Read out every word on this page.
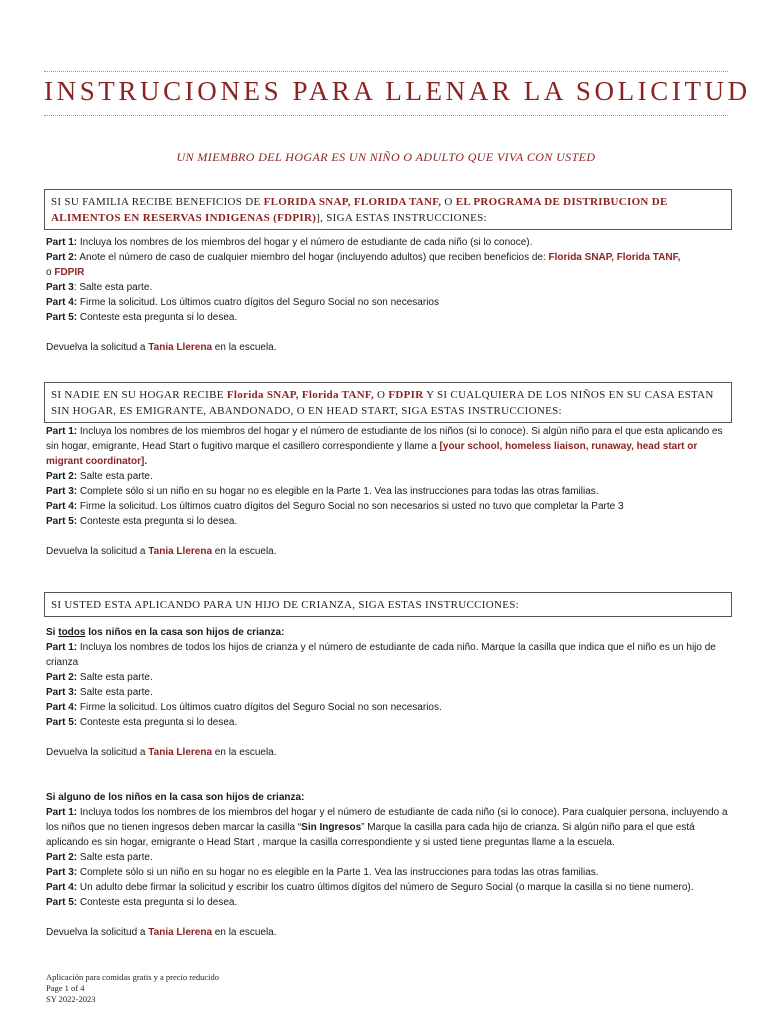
INSTRUCIONES PARA LLENAR LA SOLICITUD
UN MIEMBRO DEL HOGAR ES UN NIÑO O ADULTO QUE VIVA CON USTED
SI SU FAMILIA RECIBE BENEFICIOS DE FLORIDA SNAP, FLORIDA TANF, O EL PROGRAMA DE DISTRIBUCION DE ALIMENTOS EN RESERVAS INDIGENAS (FDPIR)], SIGA ESTAS INSTRUCCIONES:

Part 1: Incluya los nombres de los miembros del hogar y el número de estudiante de cada niño (si lo conoce).

Part 2: Anote el número de caso de cualquier miembro del hogar (incluyendo adultos) que reciben beneficios de: Florida SNAP, Florida TANF,
o FDPIR

Part 3: Salte esta parte.

Part 4: Firme la solicitud. Los últimos cuatro dígitos del Seguro Social no son necesarios

Part 5: Conteste esta pregunta si lo desea.

Devuelva la solicitud a Tania Llerena en la escuela.

SI NADIE EN SU HOGAR RECIBE Florida SNAP, Florida TANF, O FDPIR Y SI CUALQUIERA DE LOS NIÑOS EN SU CASA ESTAN SIN HOGAR, ES EMIGRANTE, ABANDONADO, O EN HEAD START, SIGA ESTAS INSTRUCCIONES:

Part 1: Incluya los nombres de los miembros del hogar y el número de estudiante de los niños (si lo conoce). Si algún niño para el que esta aplicando es sin hogar, emigrante, Head Start o fugitivo marque el casillero correspondiente y llame a [your school, homeless liaison, runaway, head start or migrant coordinator].

Part 2: Salte esta parte.

Part 3: Complete sólo si un niño en su hogar no es elegible en la Parte 1. Vea las instrucciones para todas las otras familias.

Part 4: Firme la solicitud. Los últimos cuatro dígitos del Seguro Social no son necesarios si usted no tuvo que completar la Parte 3

Part 5: Conteste esta pregunta si lo desea.

Devuelva la solicitud a Tania Llerena en la escuela.

SI USTED ESTA APLICANDO PARA UN HIJO DE CRIANZA, SIGA ESTAS INSTRUCCIONES:

Si todos los niños en la casa son hijos de crianza:

Part 1: Incluya los nombres de todos los hijos de crianza y el número de estudiante de cada niño. Marque la casilla que indica que el niño es un hijo de crianza

Part 2: Salte esta parte.

Part 3: Salte esta parte.

Part 4: Firme la solicitud. Los últimos cuatro dígitos del Seguro Social no son necesarios.

Part 5: Conteste esta pregunta si lo desea.

Devuelva la solicitud a Tania Llerena en la escuela.

Si alguno de los niños en la casa son hijos de crianza:

Part 1: Incluya todos los nombres de los miembros del hogar y el número de estudiante de cada niño (si lo conoce). Para cualquier persona, incluyendo a los niños que no tienen ingresos deben marcar la casilla “Sin Ingresos” Marque la casilla para cada hijo de crianza. Si algún niño para el que está aplicando es sin hogar, emigrante o Head Start , marque la casilla correspondiente y si usted tiene preguntas llame a la escuela.

Part 2: Salte esta parte.

Part 3: Complete sólo si un niño en su hogar no es elegible en la Parte 1. Vea las instrucciones para todas las otras familias.

Part 4: Un adulto debe firmar la solicitud y escribir los cuatro últimos dígitos del número de Seguro Social (o marque la casilla si no tiene numero).

Part 5: Conteste esta pregunta si lo desea.

Devuelva la solicitud a Tania Llerena en la escuela.

Aplicación para comidas gratis y a precio reducido
Page 1 of 4
SY 2022-2023
